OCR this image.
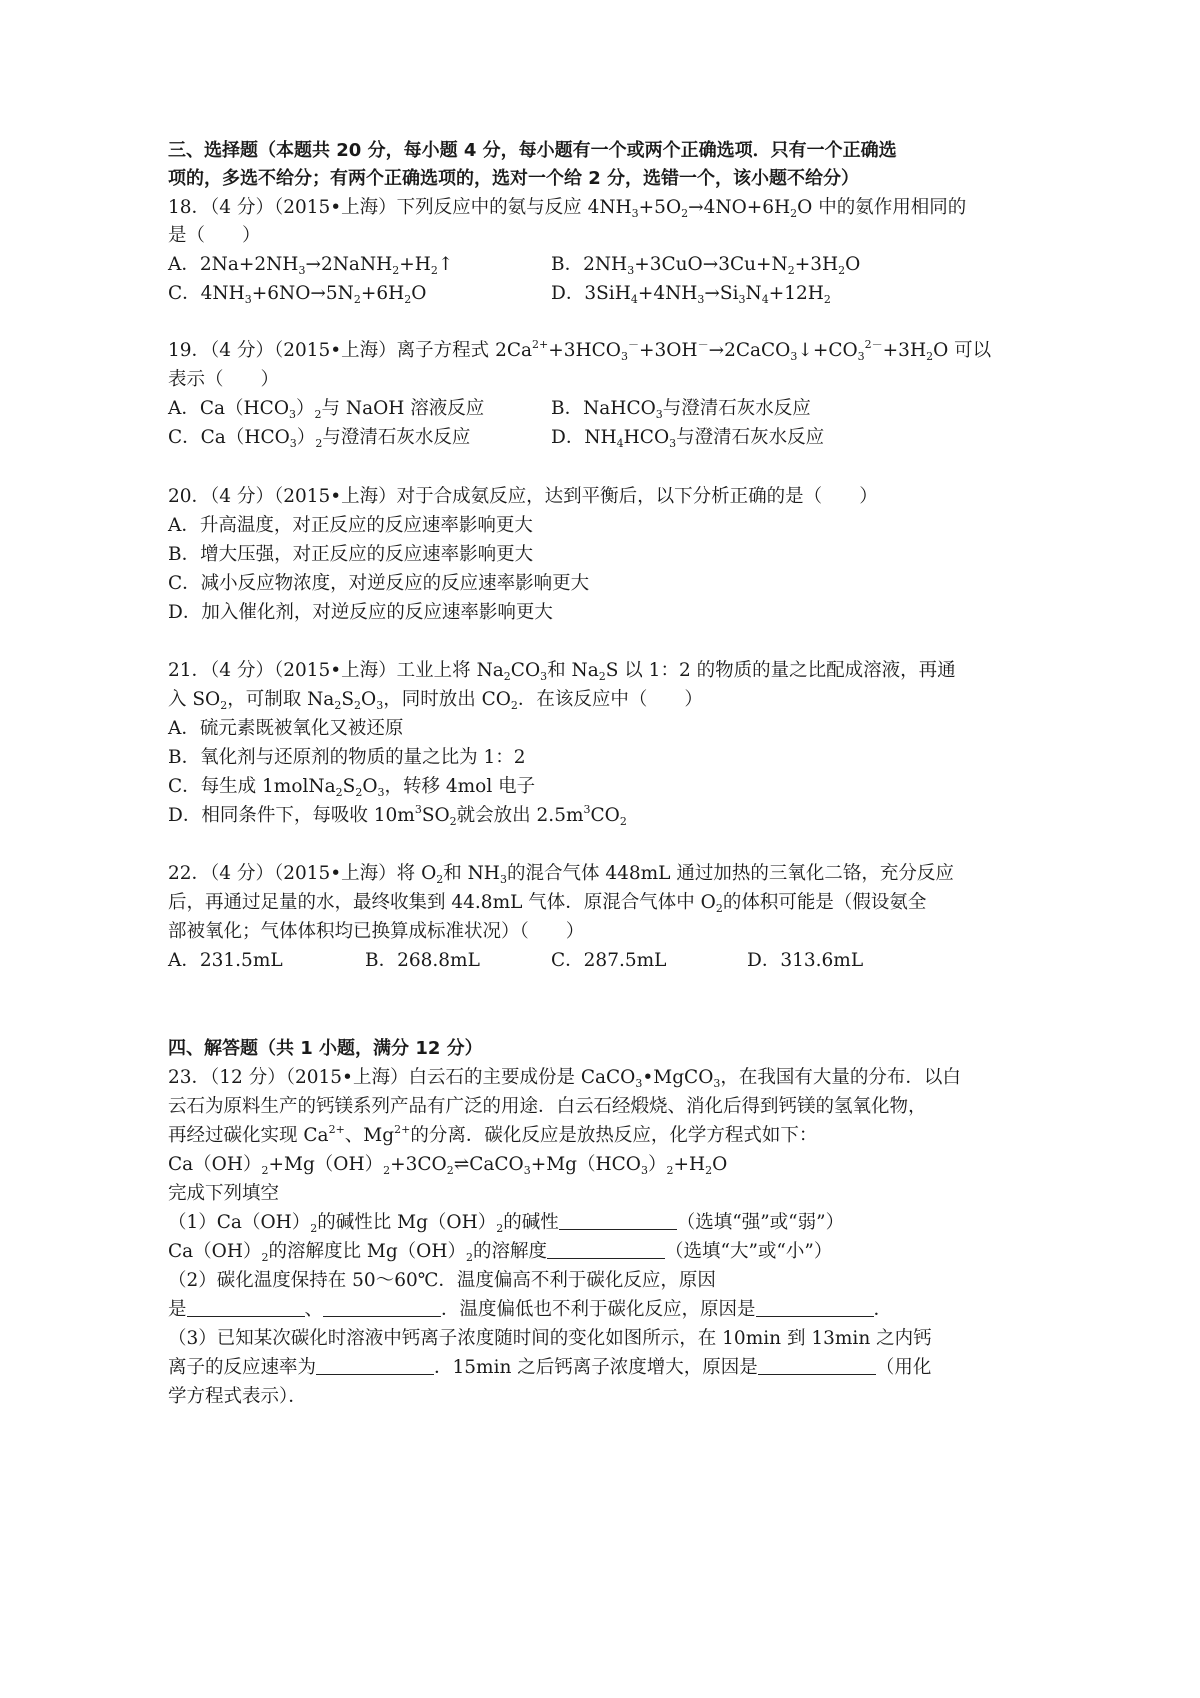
三、选择题（本题共 20 分，每小题 4 分，每小题有一个或两个正确选项．只有一个正确选
项的，多选不给分；有两个正确选项的，选对一个给 2 分，选错一个，该小题不给分）
18．（4 分）（2015•上海）下列反应中的氨与反应 $4NH_3+5O_2\to 4NO+6H_2O$ 中的氨作用相同的
是（　　）
A．$2Na+2NH_3\to 2NaNH_2+H_2↑$	B．$2NH_3+3CuO\to 3Cu+N_2+3H_2O$
C．$4NH_3+6NO\to 5N_2+6H_2O$	D．$3SiH_4+4NH_3\to Si_3N_4+12H_2$
19．（4 分）（2015•上海）离子方程式 $2Ca^{2+}+3HCO_3^-+3OH^-\to 2CaCO_3↓+CO_3^{2-}+3H_2O$ 可以
表示（　　）
A．$Ca(HCO_3)_2$与 NaOH 溶液反应	B．NaHCO$_3$与澄清石灰水反应
C．$Ca(HCO_3)_2$与澄清石灰水反应	D．$NH_4HCO_3$与澄清石灰水反应
20．（4 分）（2015•上海）对于合成氨反应，达到平衡后，以下分析正确的是（　　）
A．升高温度，对正反应的反应速率影响更大
B．增大压强，对正反应的反应速率影响更大
C．减小反应物浓度，对逆反应的反应速率影响更大
D．加入催化剂，对逆反应的反应速率影响更大
21．（4 分）（2015•上海）工业上将 $Na_2CO_3$和 $Na_2S$ 以 1：2 的物质的量之比配成溶液，再通
入 $SO_2$，可制取 $Na_2S_2O_3$，同时放出 $CO_2$．在该反应中（　　）
A．硫元素既被氧化又被还原
B．氧化剂与还原剂的物质的量之比为 1：2
C．每生成 $1molNa_2S_2O_3$，转移 4mol 电子
D．相同条件下，每吸收 $10m^3SO_2$就会放出 $2.5m^3CO_2$
22．（4 分）（2015•上海）将 $O_2$和 $NH_3$的混合气体 448mL 通过加热的三氧化二铬，充分反应
后，再通过足量的水，最终收集到 44.8mL 气体．原混合气体中 $O_2$的体积可能是（假设氨全
部被氧化；气体体积均已换算成标准状况）（　　）
A．231.5mL	B．268.8mL	C．287.5mL	D．313.6mL
四、解答题（共 1 小题，满分 12 分）
23．（12 分）（2015•上海）白云石的主要成份是 CaCO$_3$•MgCO$_3$，在我国有大量的分布．以白
云石为原料生产的钙镁系列产品有广泛的用途．白云石经煅烧、消化后得到钙镁的氢氧化物，
再经过碳化实现 $Ca^{2+}$、$Mg^{2+}$的分离．碳化反应是放热反应，化学方程式如下：
$Ca(OH)_2+Mg(OH)_2+3CO_2\rightleftharpoons CaCO_3+Mg(HCO_3)_2+H_2O$
完成下列填空
$(1)Ca(OH)_2$的碱性比 $Mg(OH)_2$的碱性	（选填“强”或“弱”）
$Ca(OH)_2$的溶解度比 $Mg(OH)_2$的溶解度	（选填“大”或“小”）
（2）碳化温度保持在 50～60℃．温度偏高不利于碳化反应，原因
是	、	．温度偏低也不利于碳化反应，原因是	．
（3）已知某次碳化时溶液中钙离子浓度随时间的变化如图所示，在 10min 到 13min 之内钙
离子的反应速率为	．15min 之后钙离子浓度增大，原因是	（用化
学方程式表示）．
